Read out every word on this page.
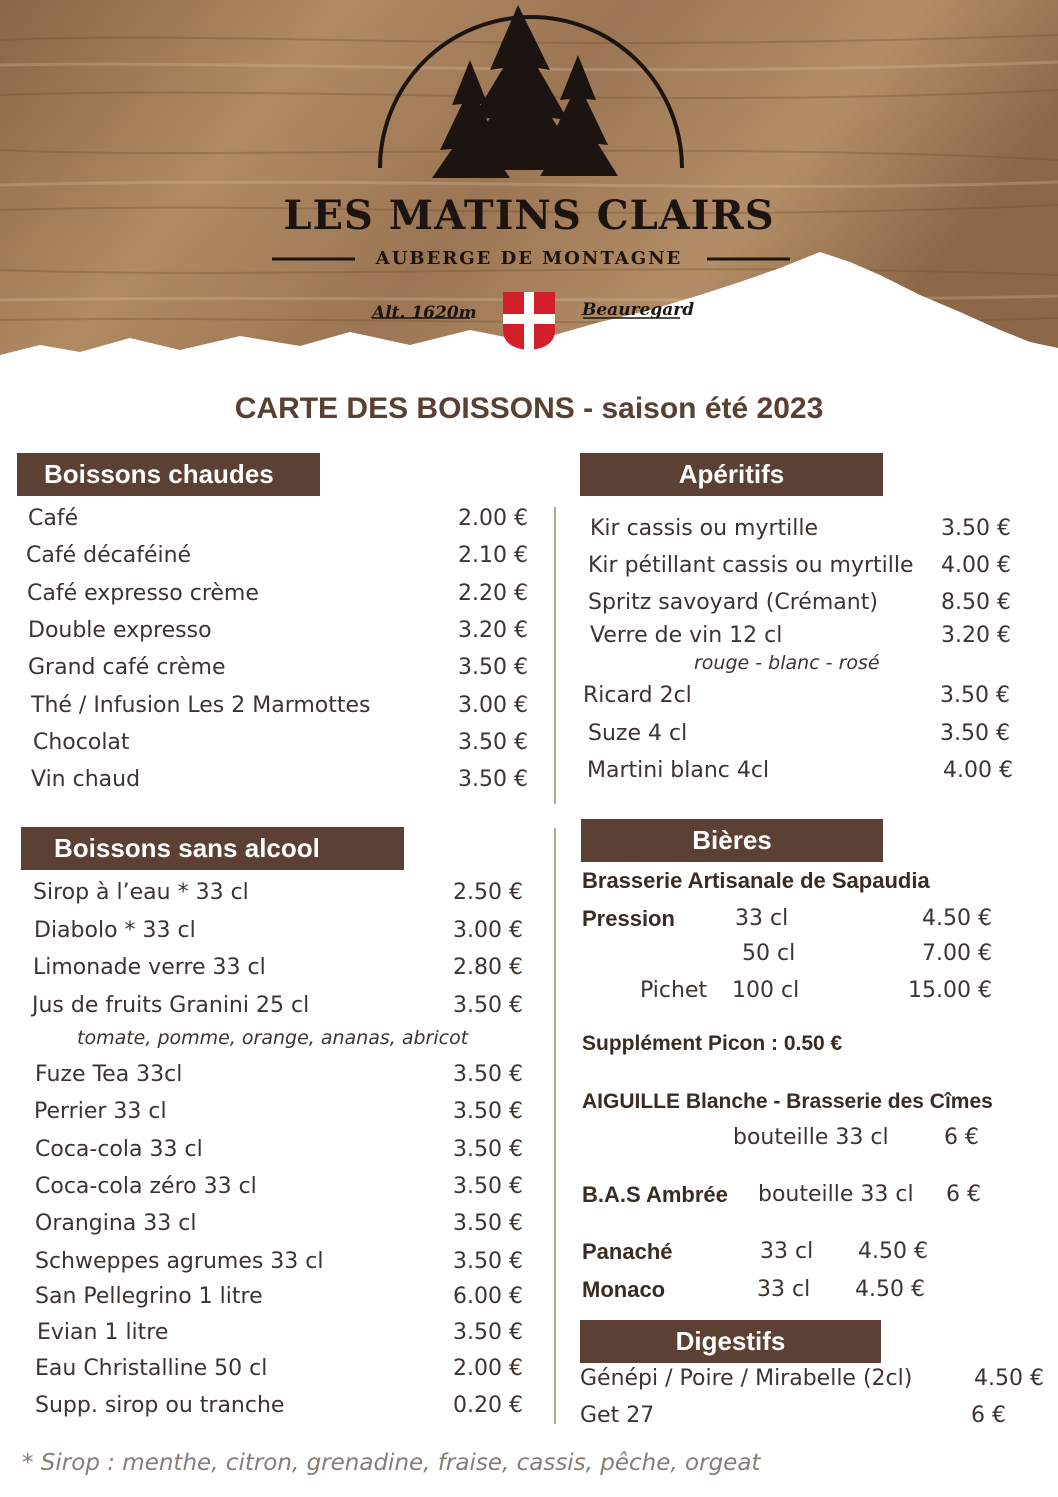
LES MATINS CLAIRS
AUBERGE DE MONTAGNE
Alt. 1620m	Beauregard
CARTE DES BOISSONS - saison été 2023
Boissons chaudes
Café	2.00 €
Café décaféiné	2.10 €
Café expresso crème	2.20 €
Double expresso	3.20 €
Grand café crème	3.50 €
Thé / Infusion Les 2 Marmottes	3.00 €
Chocolat	3.50 €
Vin chaud	3.50 €
Boissons sans alcool
Sirop à l’eau * 33 cl	2.50 €
Diabolo * 33 cl	3.00 €
Limonade verre 33 cl	2.80 €
Jus de fruits Granini 25 cl	3.50 €
Fuze Tea 33cl	3.50 €
Perrier 33 cl	3.50 €
Coca-cola 33 cl	3.50 €
Coca-cola zéro 33 cl	3.50 €
Orangina 33 cl	3.50 €
Schweppes agrumes 33 cl	3.50 €
San Pellegrino 1 litre	6.00 €
Evian 1 litre	3.50 €
Eau Christalline 50 cl	2.00 €
Supp. sirop ou tranche	0.20 €
tomate, pomme, orange, ananas, abricot
Apéritifs
Kir cassis ou myrtille	3.50 €
Kir pétillant cassis ou myrtille 4.00 €
Spritz savoyard (Crémant)	8.50 €
Verre de vin 12 cl	3.20 €
Ricard 2cl	3.50 €
Suze 4 cl	3.50 €
Martini blanc 4cl	4.00 €
rouge - blanc - rosé
Bières
Brasserie Artisanale de Sapaudia
Pression	33 cl	4.50 €
50 cl	7.00 €
Pichet 100 cl	15.00 €
Supplément Picon : 0.50 €
AIGUILLE Blanche - Brasserie des Cîmes
bouteille 33 cl	6 €
B.A.S Ambrée bouteille 33 cl 6 €
Panaché	33 cl 4.50 €
Monaco	33 cl 4.50 €
Digestifs
Génépi / Poire / Mirabelle (2cl)	4.50 €
Get 27	6 €
* Sirop : menthe, citron, grenadine, fraise, cassis, pêche, orgeat
